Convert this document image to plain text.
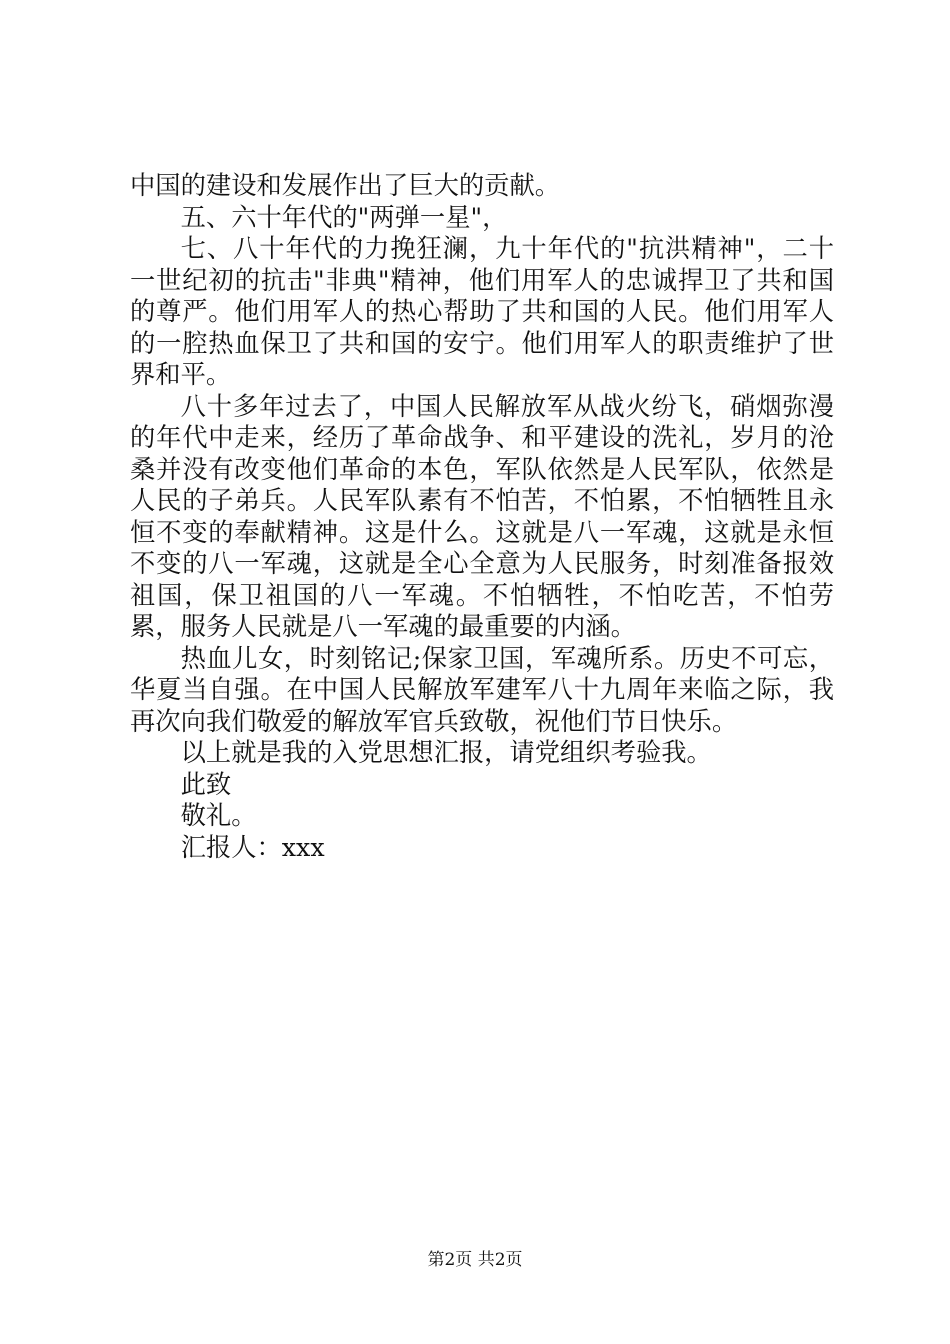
中国的建设和发展作出了巨大的贡献。

五、六十年代的"两弹一星"，

七、八十年代的力挽狂澜，九十年代的"抗洪精神"，二十一世纪初的抗击"非典"精神，他们用军人的忠诚捍卫了共和国的尊严。他们用军人的热心帮助了共和国的人民。他们用军人的一腔热血保卫了共和国的安宁。他们用军人的职责维护了世界和平。

八十多年过去了，中国人民解放军从战火纷飞，硝烟弥漫的年代中走来，经历了革命战争、和平建设的洗礼，岁月的沧桑并没有改变他们革命的本色，军队依然是人民军队，依然是人民的子弟兵。人民军队素有不怕苦，不怕累，不怕牺牲且永恒不变的奉献精神。这是什么。这就是八一军魂，这就是永恒不变的八一军魂，这就是全心全意为人民服务，时刻准备报效祖国，保卫祖国的八一军魂。不怕牺牲，不怕吃苦，不怕劳累，服务人民就是八一军魂的最重要的内涵。

热血儿女，时刻铭记;保家卫国，军魂所系。历史不可忘，华夏当自强。在中国人民解放军建军八十九周年来临之际，我再次向我们敬爱的解放军官兵致敬，祝他们节日快乐。

以上就是我的入党思想汇报，请党组织考验我。

此致

敬礼。

汇报人：xxx

第2页 共2页
